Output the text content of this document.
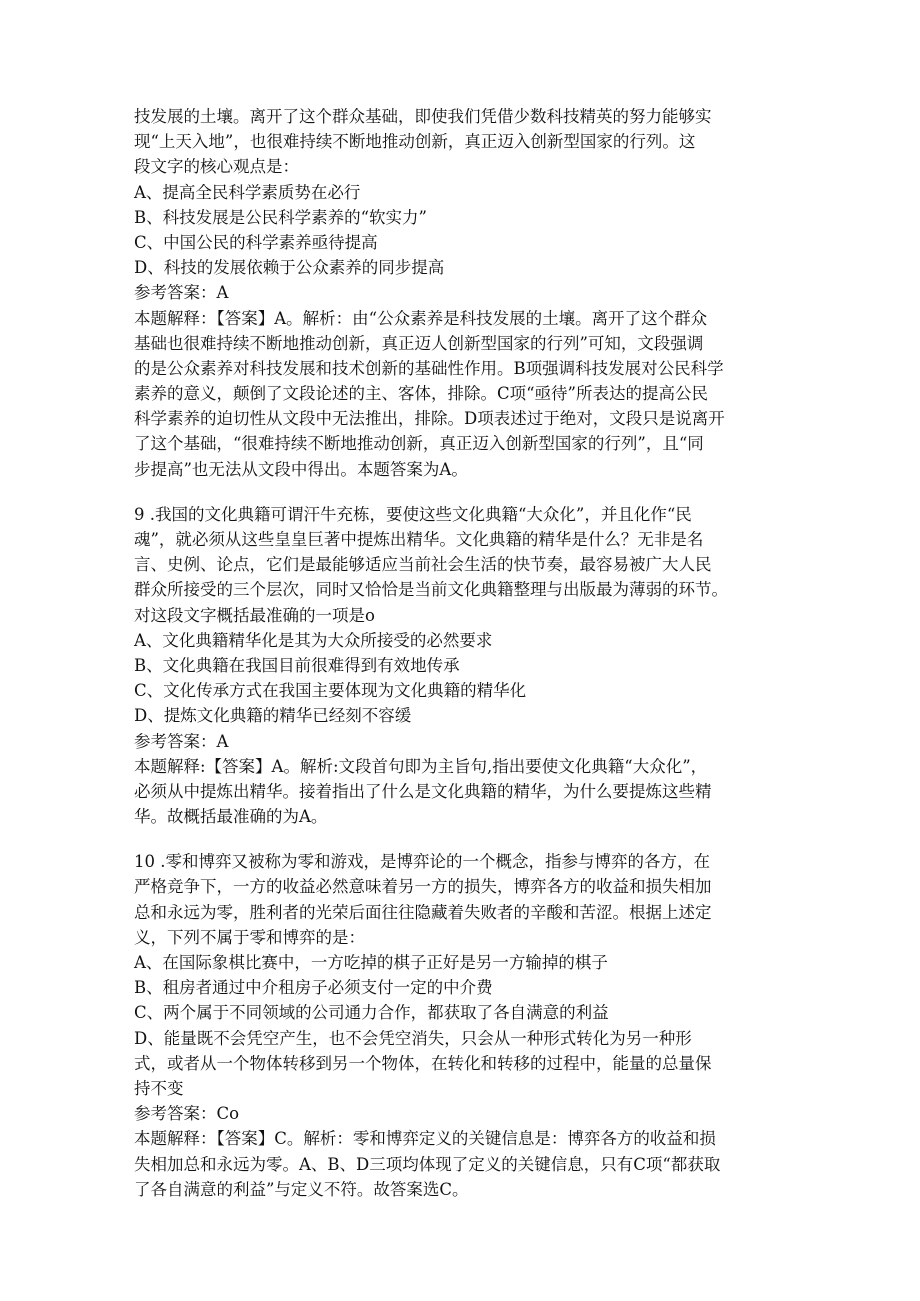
技发展的土壤。离开了这个群众基础，即使我们凭借少数科技精英的努力能够实
现“上天入地”，也很难持续不断地推动创新，真正迈入创新型国家的行列。这
段文字的核心观点是：
A、提高全民科学素质势在必行
B、科技发展是公民科学素养的“软实力”
C、中国公民的科学素养亟待提高
D、科技的发展依赖于公众素养的同步提高
参考答案：A
本题解释：【答案】A。解析：由“公众素养是科技发展的土壤。离开了这个群众
基础也很难持续不断地推动创新，真正迈人创新型国家的行列”可知，文段强调
的是公众素养对科技发展和技术创新的基础性作用。B项强调科技发展对公民科学
素养的意义，颠倒了文段论述的主、客体，排除。C项“亟待”所表达的提高公民
科学素养的迫切性从文段中无法推出，排除。D项表述过于绝对，文段只是说离开
了这个基础，“很难持续不断地推动创新，真正迈入创新型国家的行列”，且“同
步提高”也无法从文段中得出。本题答案为A。
9 .我国的文化典籍可谓汗牛充栋，要使这些文化典籍“大众化”，并且化作“民
魂”，就必须从这些皇皇巨著中提炼出精华。文化典籍的精华是什么？无非是名
言、史例、论点，它们是最能够适应当前社会生活的快节奏，最容易被广大人民
群众所接受的三个层次，同时又恰恰是当前文化典籍整理与出版最为薄弱的环节。
对这段文字概括最准确的一项是o
A、文化典籍精华化是其为大众所接受的必然要求
B、文化典籍在我国目前很难得到有效地传承
C、文化传承方式在我国主要体现为文化典籍的精华化
D、提炼文化典籍的精华已经刻不容缓
参考答案：A
本题解释:【答案】A。解析:文段首句即为主旨句,指出要使文化典籍“大众化”，
必须从中提炼出精华。接着指出了什么是文化典籍的精华，为什么要提炼这些精
华。故概括最准确的为A。
10 .零和博弈又被称为零和游戏，是博弈论的一个概念，指参与博弈的各方，在
严格竞争下，一方的收益必然意味着另一方的损失，博弈各方的收益和损失相加
总和永远为零，胜利者的光荣后面往往隐藏着失败者的辛酸和苦涩。根据上述定
义，下列不属于零和博弈的是：
A、在国际象棋比赛中，一方吃掉的棋子正好是另一方输掉的棋子
B、租房者通过中介租房子必须支付一定的中介费
C、两个属于不同领域的公司通力合作，都获取了各自满意的利益
D、能量既不会凭空产生，也不会凭空消失，只会从一种形式转化为另一种形
式，或者从一个物体转移到另一个物体，在转化和转移的过程中，能量的总量保
持不变
参考答案：Co
本题解释：【答案】C。解析：零和博弈定义的关键信息是：博弈各方的收益和损
失相加总和永远为零。A、B、D三项均体现了定义的关键信息，只有C项“都获取
了各自满意的利益”与定义不符。故答案选C。
